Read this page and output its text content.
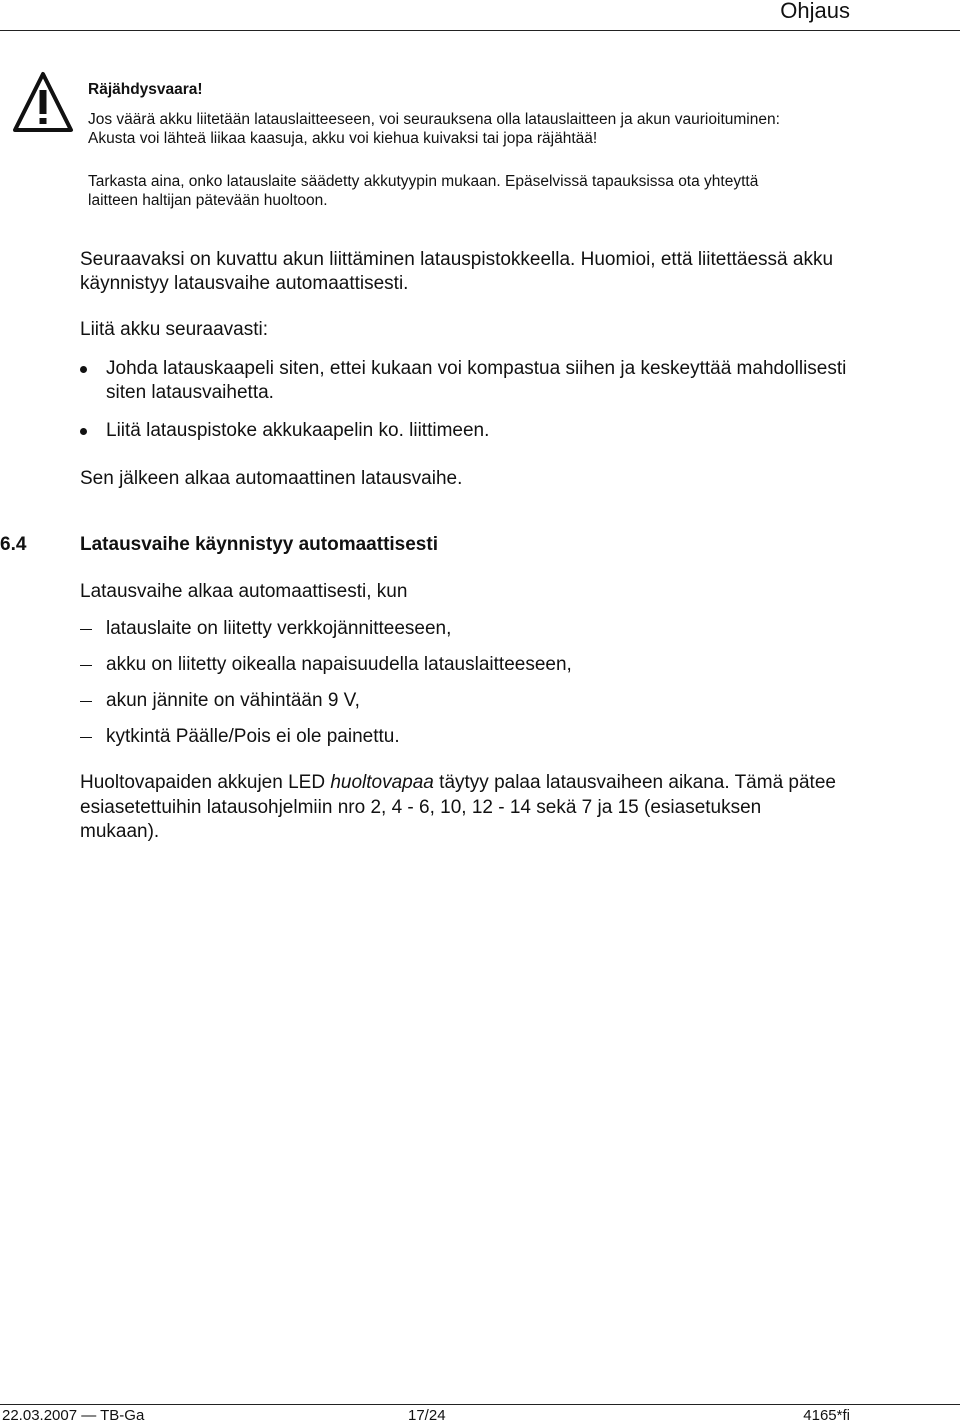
Ohjaus
Räjähdysvaara!
Jos väärä akku liitetään latauslaitteeseen, voi seurauksena olla latauslaitteen ja akun vaurioituminen:
Akusta voi lähteä liikaa kaasuja, akku voi kiehua kuivaksi tai jopa räjähtää!
Tarkasta aina, onko latauslaite säädetty akkutyypin mukaan. Epäselvissä tapauksissa ota yhteyttä
laitteen haltijan pätevään huoltoon.
Seuraavaksi on kuvattu akun liittäminen latauspistokkeella. Huomioi, että liitettäessä akku
käynnistyy latausvaihe automaattisesti.
Liitä akku seuraavasti:
Johda latauskaapeli siten, ettei kukaan voi kompastua siihen ja keskeyttää mahdollisesti
siten latausvaihetta.
Liitä latauspistoke akkukaapelin ko. liittimeen.
Sen jälkeen alkaa automaattinen latausvaihe.
6.4	Latausvaihe käynnistyy automaattisesti
Latausvaihe alkaa automaattisesti, kun
latauslaite on liitetty verkkojännitteeseen,
akku on liitetty oikealla napaisuudella latauslaitteeseen,
akun jännite on vähintään 9 V,
kytkintä Päälle/Pois ei ole painettu.
Huoltovapaiden akkujen LED huoltovapaa täytyy palaa latausvaiheen aikana. Tämä pätee
esiasetettuihin latausohjelmiin nro 2, 4 - 6, 10, 12 - 14 sekä 7 ja 15 (esiasetuksen
mukaan).
22.03.2007 — TB-Ga	17/24	4165*fi
